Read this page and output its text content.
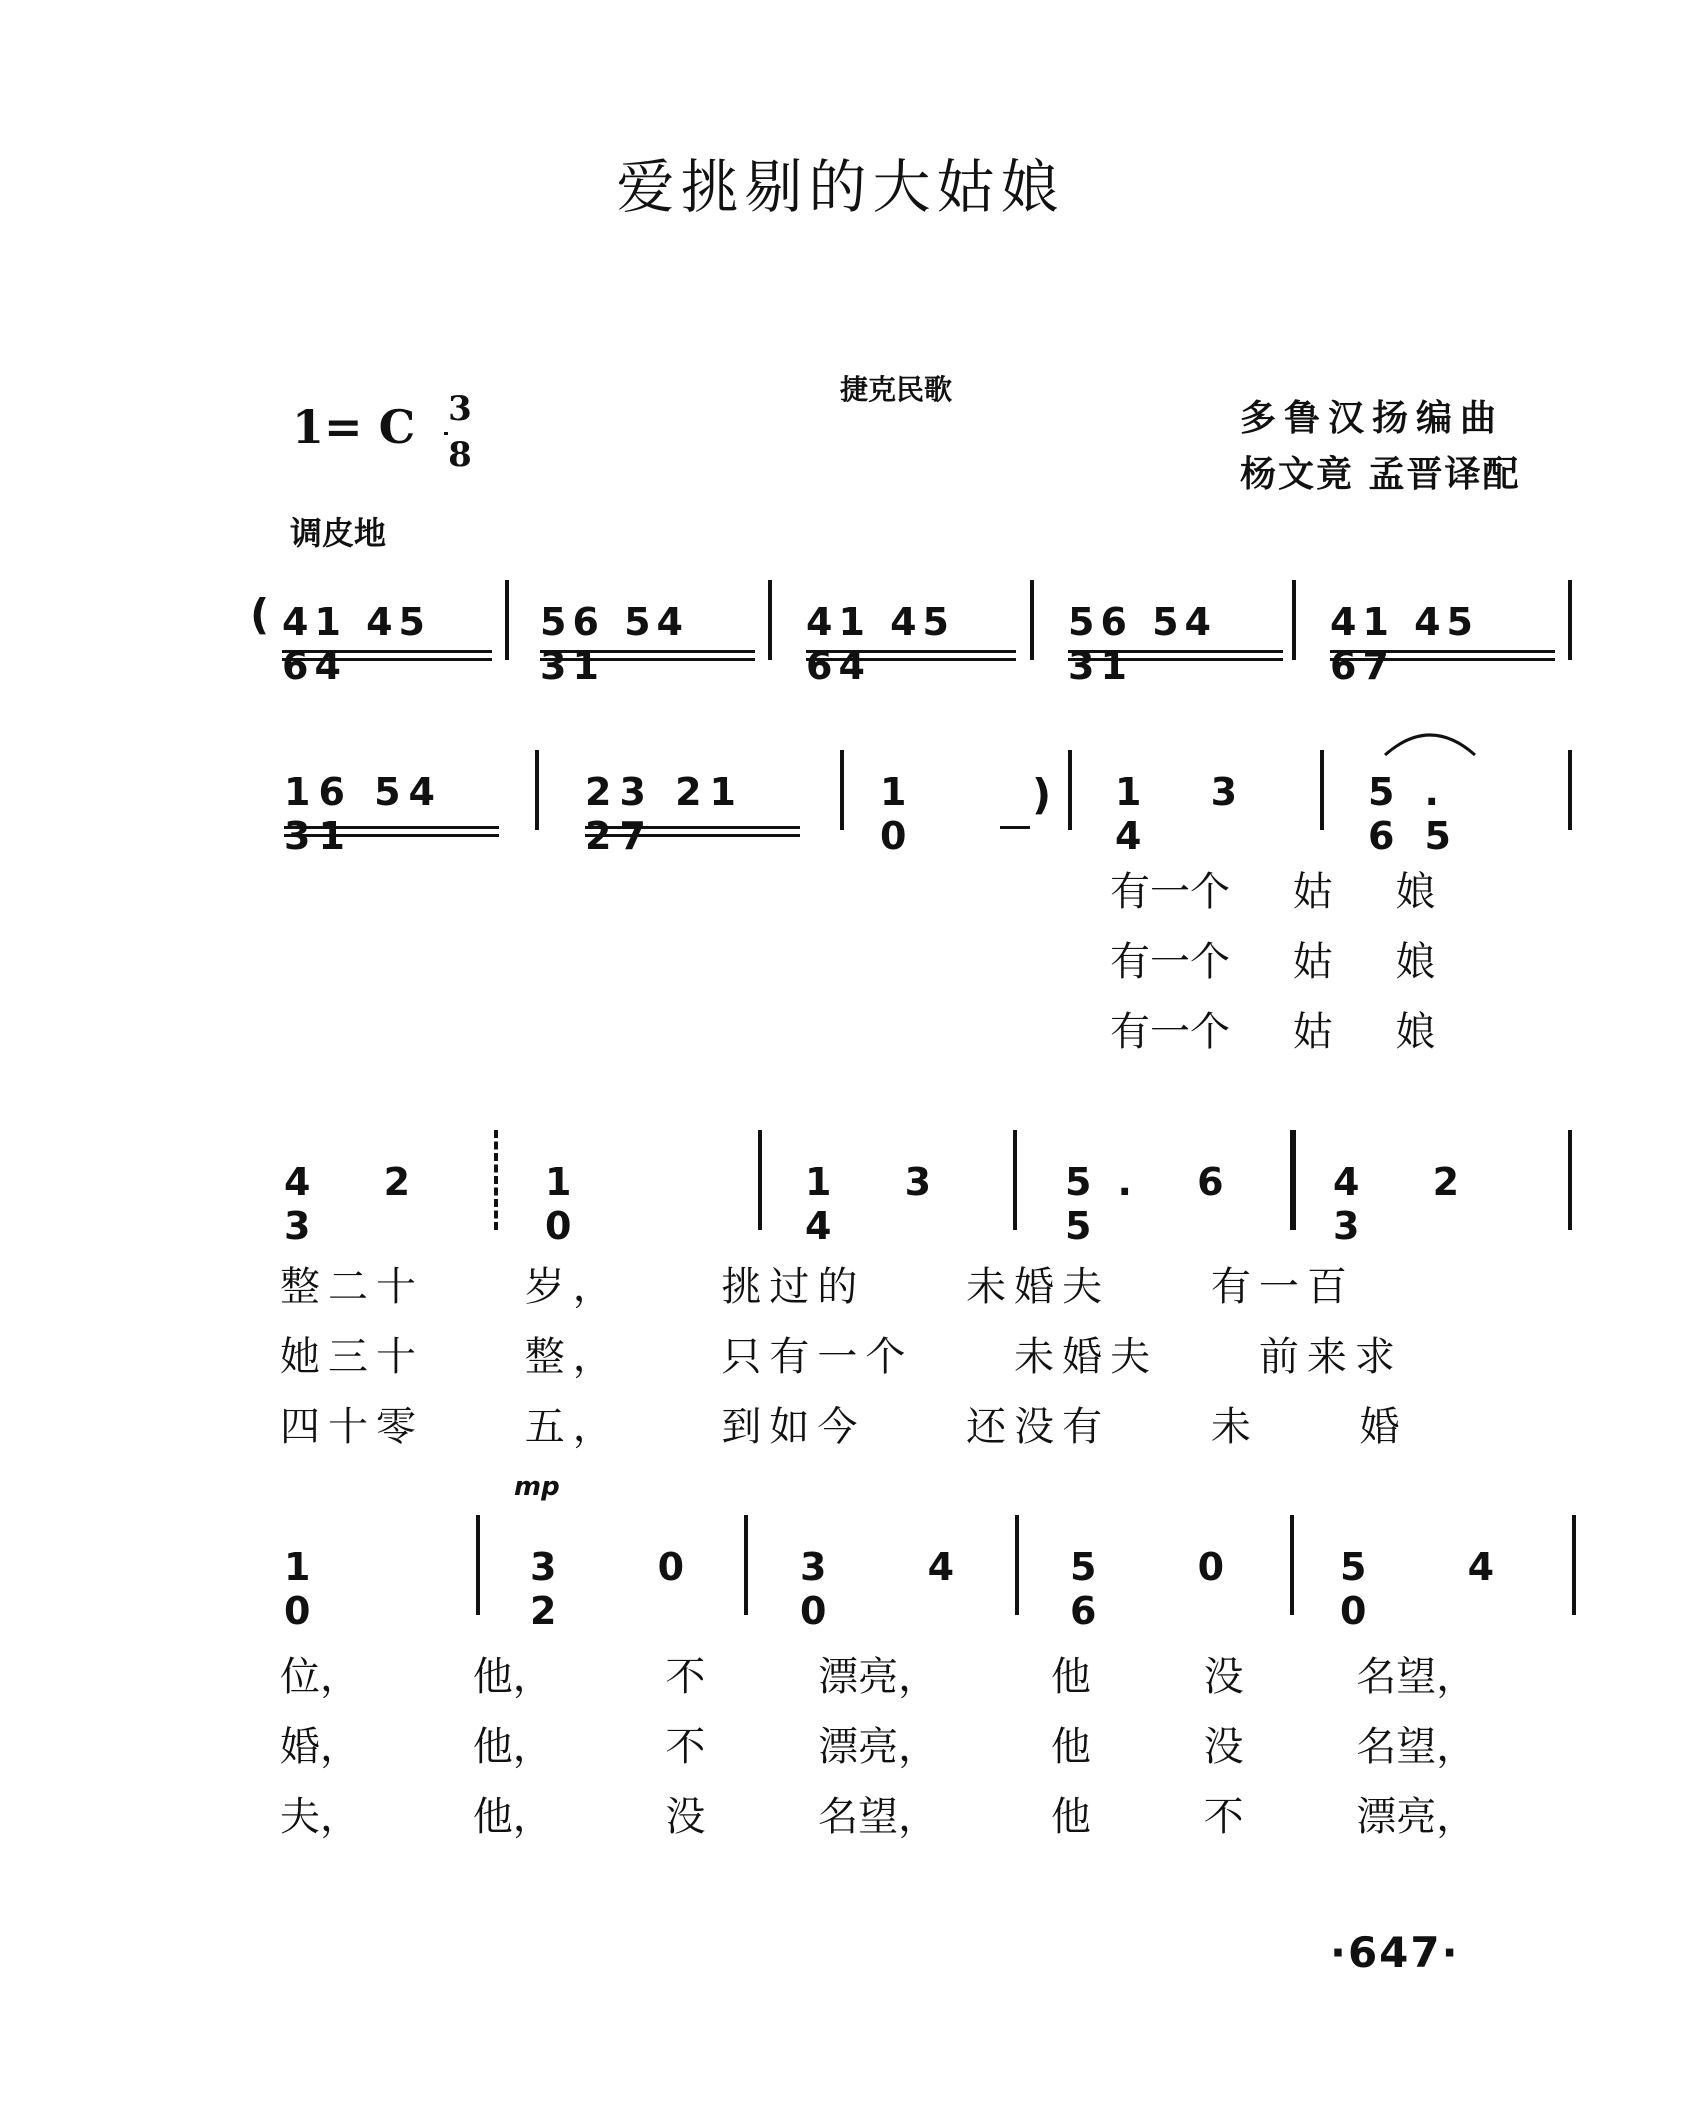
爱挑剔的大姑娘
捷克民歌
1= C 3
8
多鲁汉扬编曲
杨文竟 孟晋译配
调皮地
mp
( 41 45 64
56 54 31
41 45 64
56 54 31
41 45 67
16 54 31
23 21 27
1 0
) 1 3 4
5. 65
有一个 姑 娘
有一个 姑 娘
有一个 姑 娘
4 2 3
1 0
1 3 4
5. 6 5
4 2 3
整二十 岁， 挑过的 未婚夫 有一百
她三十 整， 只有一个 未婚夫 前来求
四十零 五， 到如今 还没有 未 婚
1 0
3 0 2
3 4 0
5 0 6
5 4 0
位， 他， 不 漂亮， 他 没 名望，
婚， 他， 不 漂亮， 他 没 名望，
夫， 他， 没 名望， 他 不 漂亮，
·647·
